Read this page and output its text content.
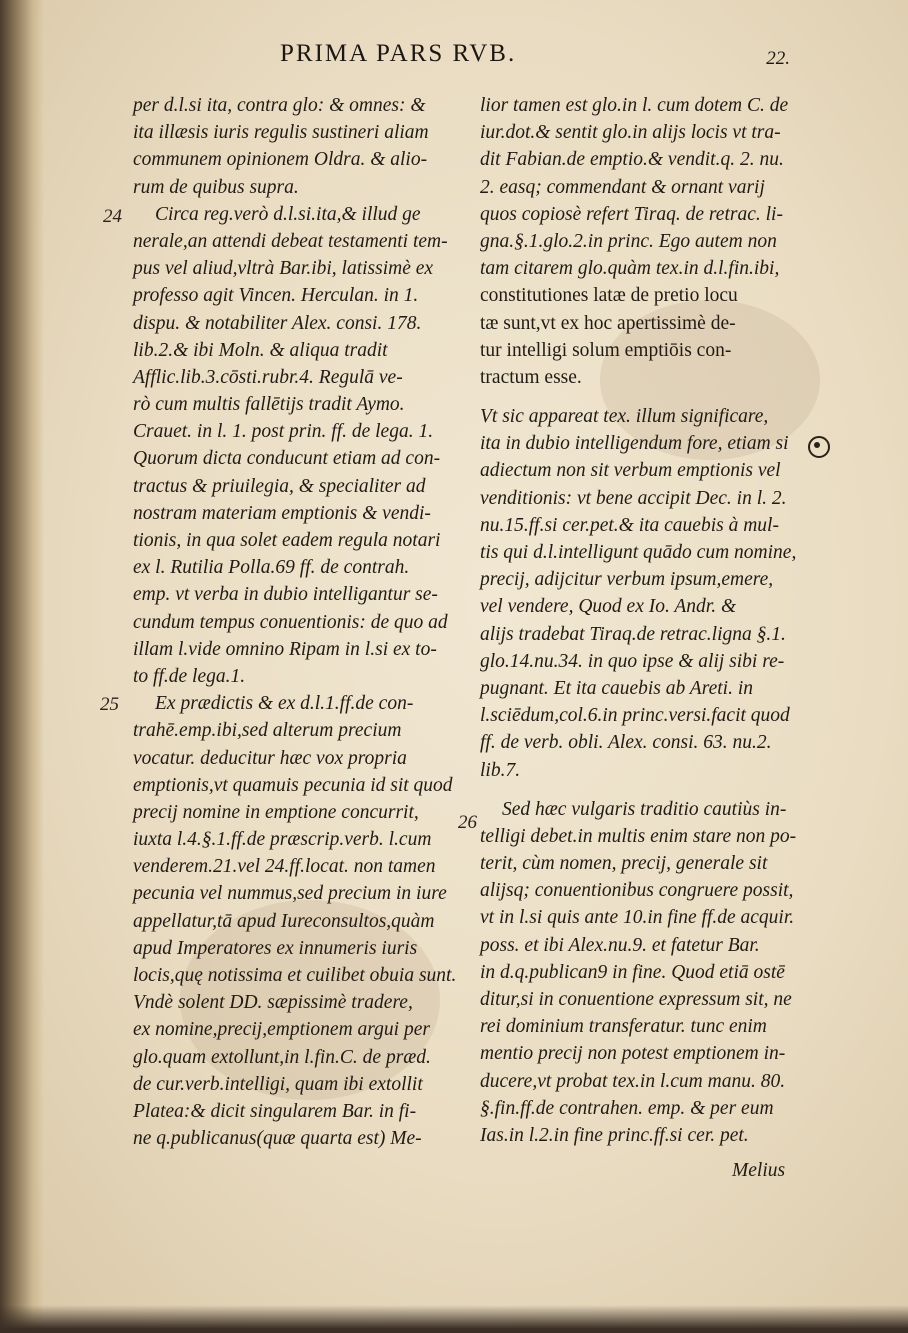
PRIMA PARS RVB.	22.
24
25
26
per d.l.si ita, contra glo: & omnes: &
ita illæsis iuris regulis sustineri aliam
communem opinionem Oldra. & alio-
rum de quibus supra.
Circa reg.verò d.l.si.ita,& illud ge
nerale,an attendi debeat testamenti tem-
pus vel aliud,vltrà Bar.ibi, latissimè ex
professo agit Vincen. Herculan. in 1.
dispu. & notabiliter Alex. consi. 178.
lib.2.& ibi Moln. & aliqua tradit
Afflic.lib.3.cōsti.rubr.4. Regulā ve-
rò cum multis fallētijs tradit Aymo.
Crauet. in l. 1. post prin. ff. de lega. 1.
Quorum dicta conducunt etiam ad con-
tractus & priuilegia, & specialiter ad
nostram materiam emptionis & vendi-
tionis, in qua solet eadem regula notari
ex l. Rutilia Polla.69 ff. de contrah.
emp. vt verba in dubio intelligantur se-
cundum tempus conuentionis: de quo ad
illam l.vide omnino Ripam in l.si ex to-
to ff.de lega.1.
Ex prædictis & ex d.l.1.ff.de con-
trahē.emp.ibi,sed alterum precium
vocatur. deducitur hæc vox propria
emptionis,vt quamuis pecunia id sit quod
precij nomine in emptione concurrit,
iuxta l.4.§.1.ff.de præscrip.verb. l.cum
venderem.21.vel 24.ff.locat. non tamen
pecunia vel nummus,sed precium in iure
appellatur,tā apud Iureconsultos,quàm
apud Imperatores ex innumeris iuris
locis,quę notissima et cuilibet obuia sunt.
Vndè solent DD. sæpissimè tradere,
ex nomine,precij,emptionem argui per
glo.quam extollunt,in l.fin.C. de præd.
de cur.verb.intelligi, quam ibi extollit
Platea:& dicit singularem Bar. in fi-
ne q.publicanus(quæ quarta est) Me-
lior tamen est glo.in l. cum dotem C. de
iur.dot.& sentit glo.in alijs locis vt tra-
dit Fabian.de emptio.& vendit.q. 2. nu.
2. easq; commendant & ornant varij
quos copiosè refert Tiraq. de retrac. li-
gna.§.1.glo.2.in princ. Ego autem non
tam citarem glo.quàm tex.in d.l.fin.ibi,
constitutiones latæ de pretio locu
tæ sunt,vt ex hoc apertissimè de-
tur intelligi solum emptiōis con-
tractum esse.
Vt sic appareat tex. illum significare,
ita in dubio intelligendum fore, etiam si
adiectum non sit verbum emptionis vel
venditionis: vt bene accipit Dec. in l. 2.
nu.15.ff.si cer.pet.& ita cauebis à mul-
tis qui d.l.intelligunt quādo cum nomine,
precij, adijcitur verbum ipsum,emere,
vel vendere, Quod ex Io. Andr. &
alijs tradebat Tiraq.de retrac.ligna §.1.
glo.14.nu.34. in quo ipse & alij sibi re-
pugnant. Et ita cauebis ab Areti. in
l.sciēdum,col.6.in princ.versi.facit quod
ff. de verb. obli. Alex. consi. 63. nu.2.
lib.7.
Sed hæc vulgaris traditio cautiùs in-
telligi debet.in multis enim stare non po-
terit, cùm nomen, precij, generale sit
alijsq; conuentionibus congruere possit,
vt in l.si quis ante 10.in fine ff.de acquir.
poss. et ibi Alex.nu.9. et fatetur Bar.
in d.q.publican9 in fine. Quod etiā ostē
ditur,si in conuentione expressum sit, ne
rei dominium transferatur. tunc enim
mentio precij non potest emptionem in-
ducere,vt probat tex.in l.cum manu. 80.
§.fin.ff.de contrahen. emp. & per eum
Ias.in l.2.in fine princ.ff.si cer. pet.
Melius
